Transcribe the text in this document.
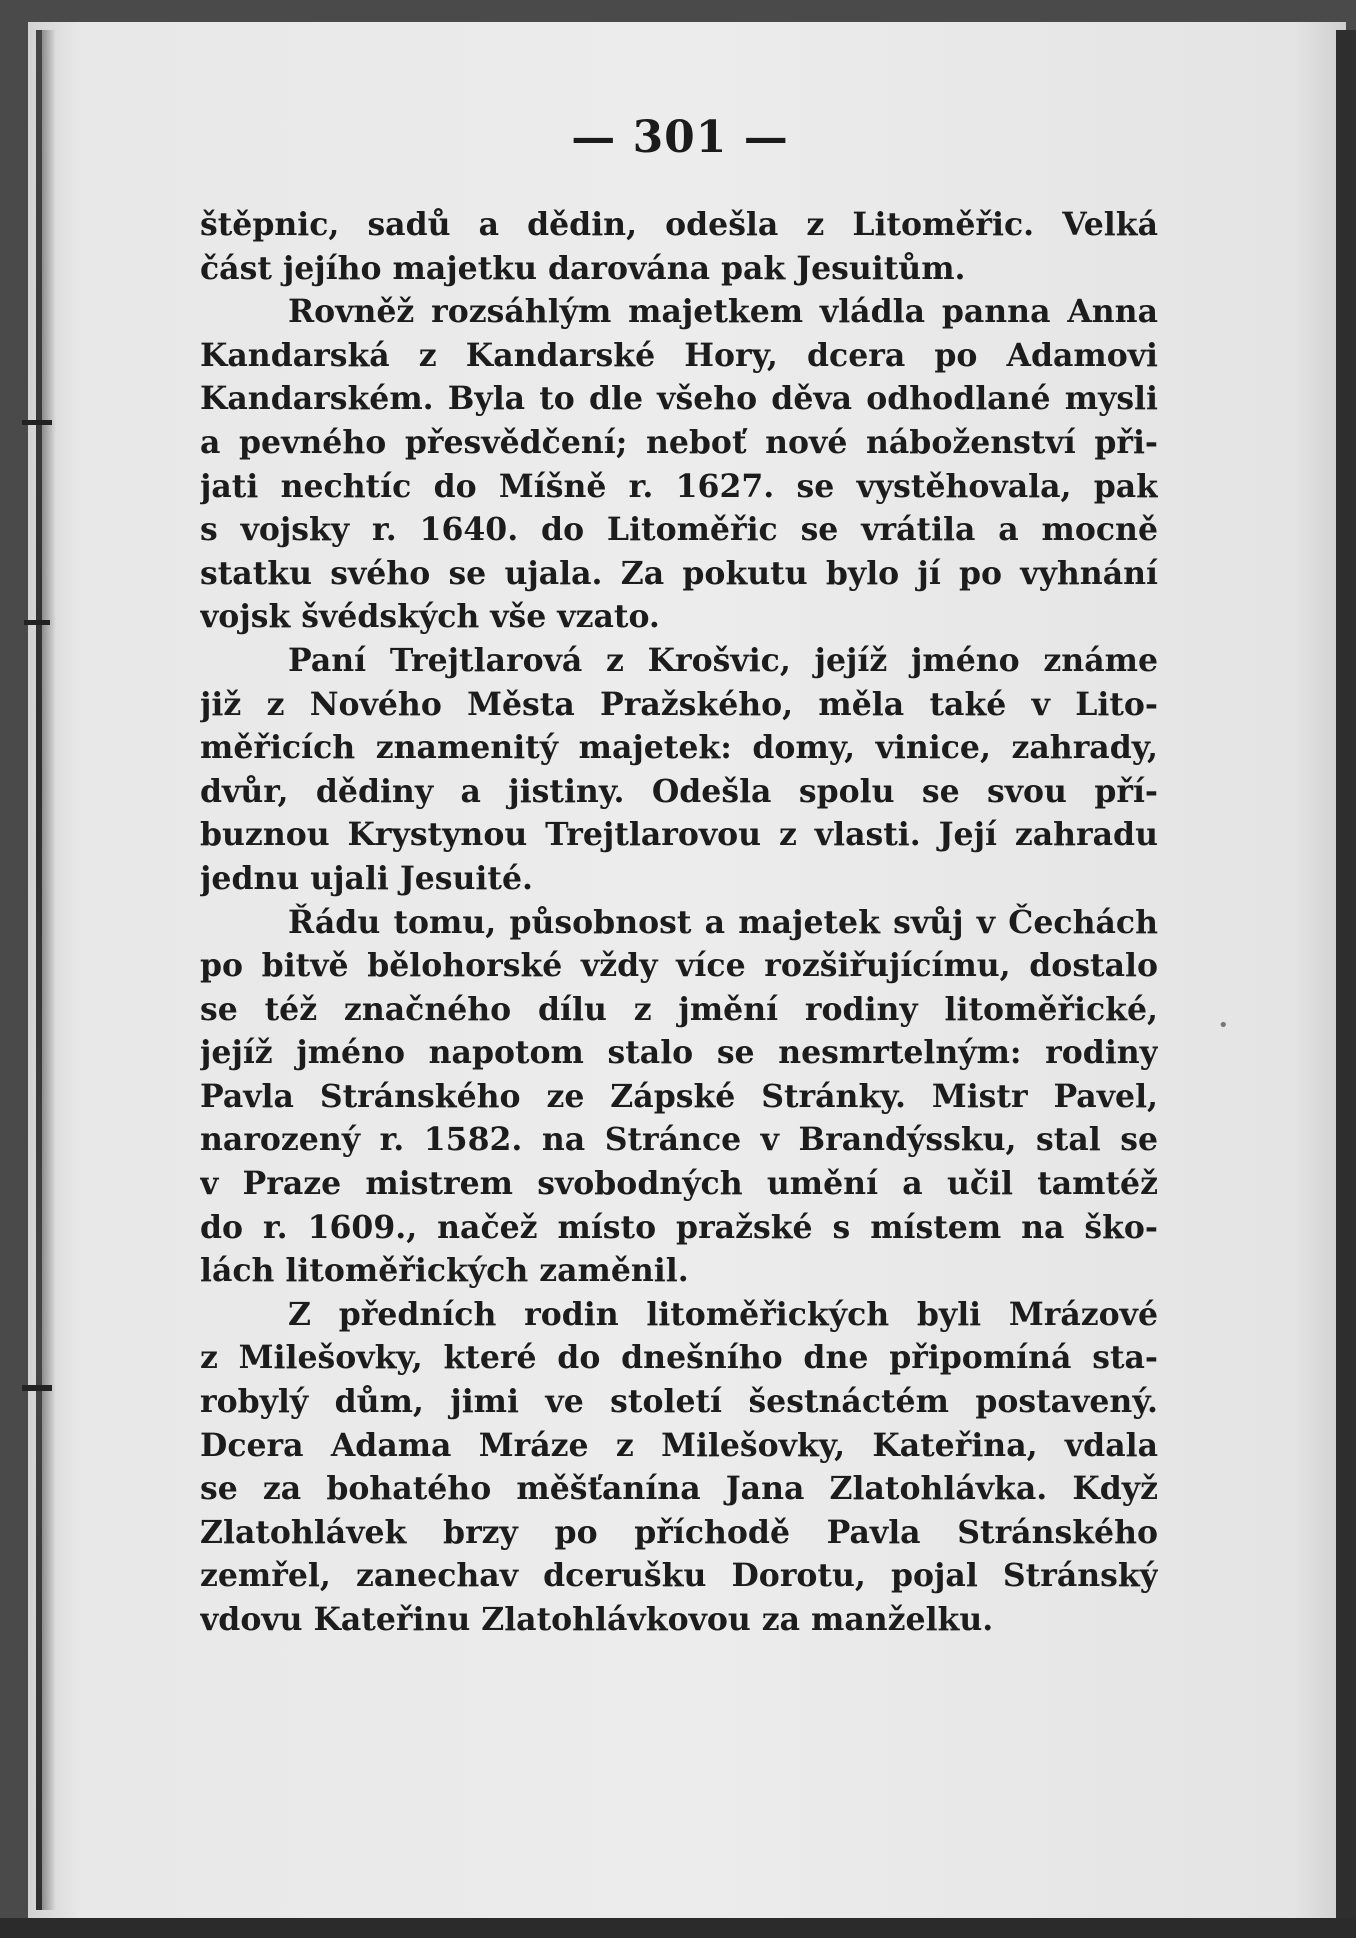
— 301 —
štěpnic, sadů a dědin, odešla z Litoměřic. Velká
část jejího majetku darována pak Jesuitům.
Rovněž rozsáhlým majetkem vládla panna Anna
Kandarská z Kandarské Hory, dcera po Adamovi
Kandarském. Byla to dle všeho děva odhodlané mysli
a pevného přesvědčení; neboť nové náboženství při-
jati nechtíc do Míšně r. 1627. se vystěhovala, pak
s vojsky r. 1640. do Litoměřic se vrátila a mocně
statku svého se ujala. Za pokutu bylo jí po vyhnání
vojsk švédských vše vzato.
Paní Trejtlarová z Krošvic, jejíž jméno známe
již z Nového Města Pražského, měla také v Lito-
měřicích znamenitý majetek: domy, vinice, zahrady,
dvůr, dědiny a jistiny. Odešla spolu se svou pří-
buznou Krystynou Trejtlarovou z vlasti. Její zahradu
jednu ujali Jesuité.
Řádu tomu, působnost a majetek svůj v Čechách
po bitvě bělohorské vždy více rozšiřujícímu, dostalo
se též značného dílu z jmění rodiny litoměřické,
jejíž jméno napotom stalo se nesmrtelným: rodiny
Pavla Stránského ze Zápské Stránky. Mistr Pavel,
narozený r. 1582. na Stránce v Brandýssku, stal se
v Praze mistrem svobodných umění a učil tamtéž
do r. 1609., načež místo pražské s místem na ško-
lách litoměřických zaměnil.
Z předních rodin litoměřických byli Mrázové
z Milešovky, které do dnešního dne připomíná sta-
robylý dům, jimi ve století šestnáctém postavený.
Dcera Adama Mráze z Milešovky, Kateřina, vdala
se za bohatého měšťanína Jana Zlatohlávka. Když
Zlatohlávek brzy po příchodě Pavla Stránského
zemřel, zanechav dcerušku Dorotu, pojal Stránský
vdovu Kateřinu Zlatohlávkovou za manželku.
•
